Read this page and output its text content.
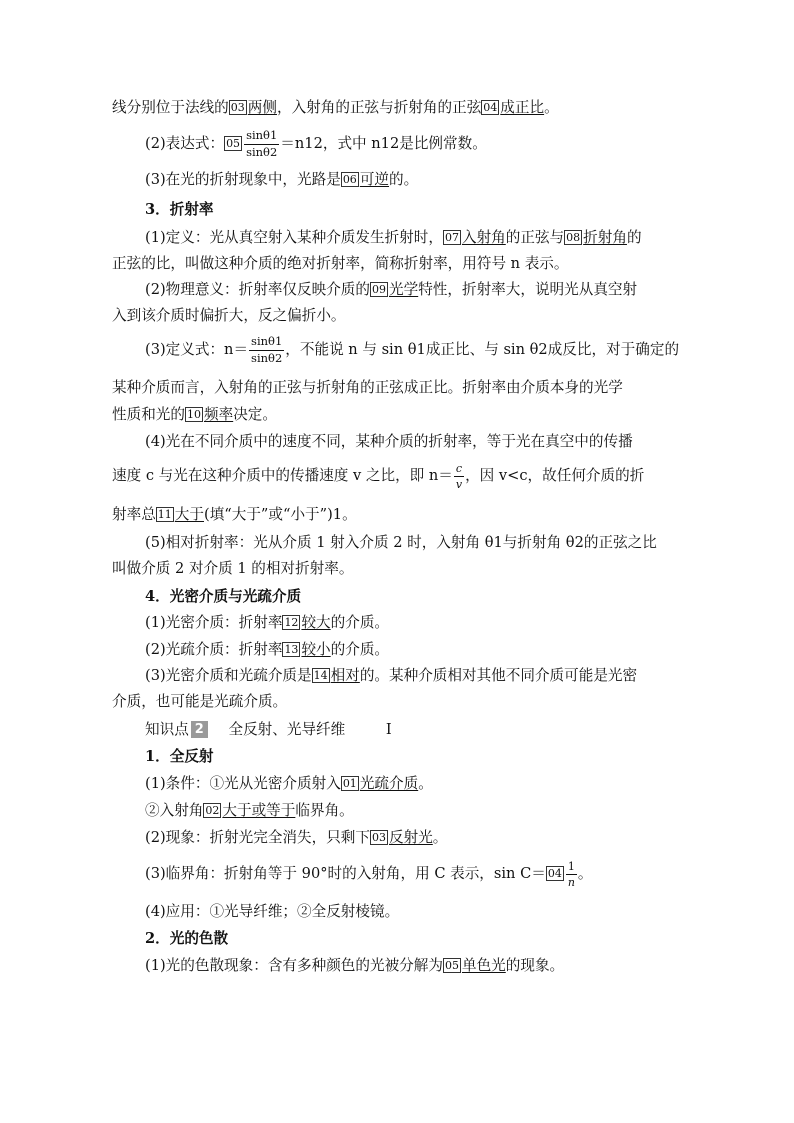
线分别位于法线的 03 两侧，入射角的正弦与折射角的正弦 04 成正比。
(2)表达式： $05 \frac{\sin\theta 1}{\sin\theta 2} =n12$，式中 n12是比例常数。
(3)在光的折射现象中，光路是 06 可逆的。
3．折射率
(1)定义：光从真空射入某种介质发生折射时， 07 入射角的正弦与 08 折射角的
正弦的比，叫做这种介质的绝对折射率，简称折射率，用符号 n 表示。
(2)物理意义：折射率仅反映介质的 09 光学特性，折射率大，说明光从真空射
入到该介质时偏折大，反之偏折小。
(3)定义式：$n= \frac{\sin\theta 1}{\sin\theta 2}$ ，不能说 n 与 sin θ1成正比、与 sin θ2成反比，对于确定的
某种介质而言，入射角的正弦与折射角的正弦成正比。折射率由介质本身的光学
性质和光的 10 频率决定。
(4)光在不同介质中的速度不同，某种介质的折射率，等于光在真空中的传播
速度 c 与光在这种介质中的传播速度 v 之比，即 $n= \frac{c}{v}$ ，因 v<c，故任何介质的折
射率总 11 大于(填“大于”或“小于”)1。
(5)相对折射率：光从介质 1 射入介质 2 时，入射角 θ1与折射角 θ2的正弦之比
叫做介质 2 对介质 1 的相对折射率。
4．光密介质与光疏介质
(1)光密介质：折射率 12 较大的介质。
(2)光疏介质：折射率 13 较小的介质。
(3)光密介质和光疏介质是 14 相对的。某种介质相对其他不同介质可能是光密
介质，也可能是光疏介质。
知识点 2 全反射、光导纤维	Ⅰ
1．全反射
(1)条件：①光从光密介质射入 01 光疏介质。
②入射角 02 大于或等于临界角。
(2)现象：折射光完全消失，只剩下 03 反射光。
(3)临界角：折射角等于 90°时的入射角，用 C 表示，$\sin C= 04 \frac{1}{n}$ 。
(4)应用：①光导纤维；②全反射棱镜。
2．光的色散
(1)光的色散现象：含有多种颜色的光被分解为 05 单色光的现象。
